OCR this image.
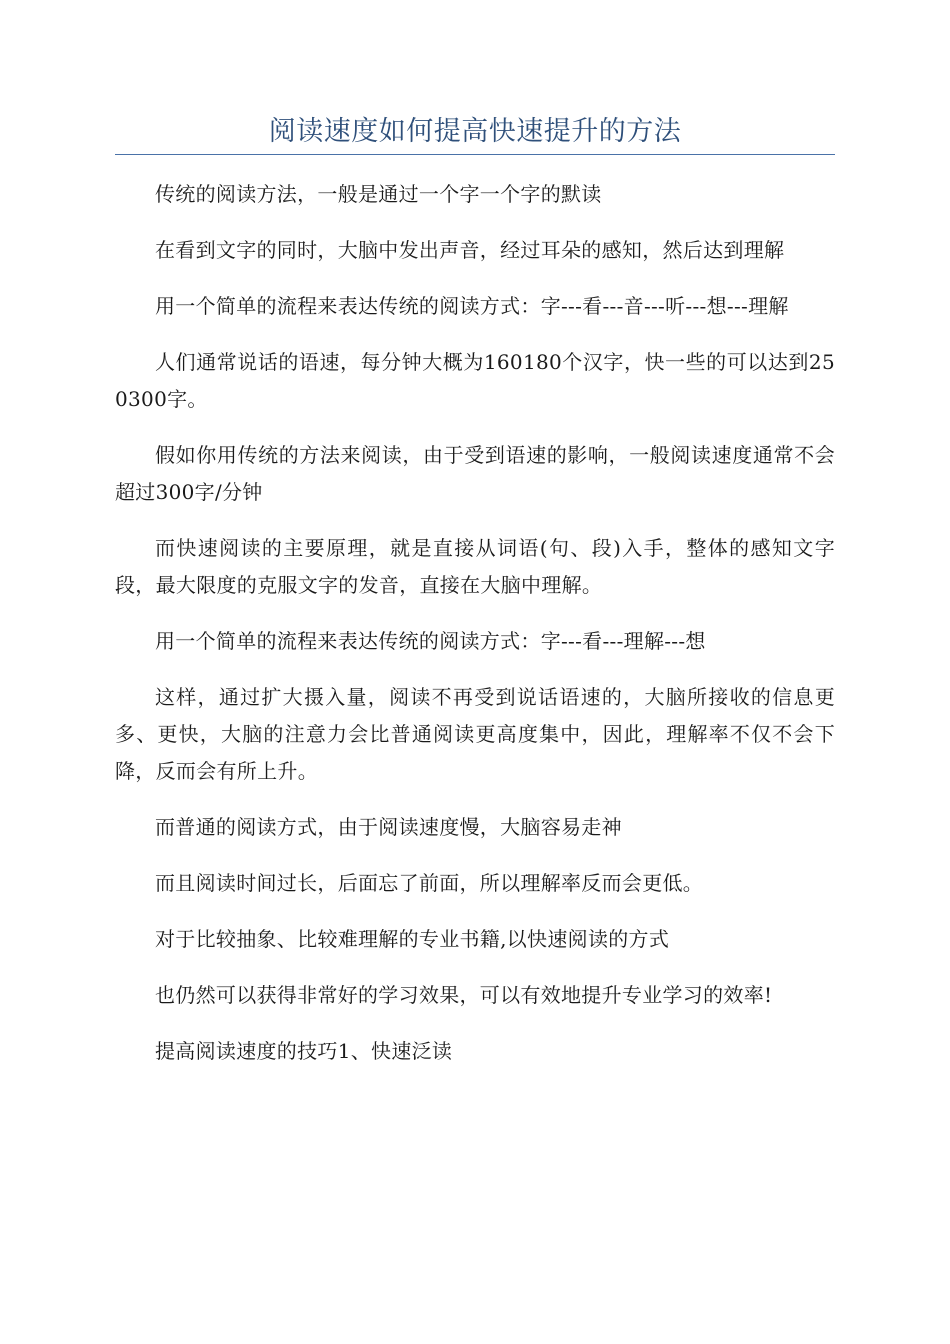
阅读速度如何提高快速提升的方法

传统的阅读方法，一般是通过一个字一个字的默读

在看到文字的同时，大脑中发出声音，经过耳朵的感知，然后达到理解

用一个简单的流程来表达传统的阅读方式：字---看---音---听---想---理解

人们通常说话的语速，每分钟大概为160180个汉字，快一些的可以达到250300字。

假如你用传统的方法来阅读，由于受到语速的影响，一般阅读速度通常不会超过300字/分钟

而快速阅读的主要原理，就是直接从词语(句、段)入手，整体的感知文字段，最大限度的克服文字的发音，直接在大脑中理解。

用一个简单的流程来表达传统的阅读方式：字---看---理解---想

这样，通过扩大摄入量，阅读不再受到说话语速的，大脑所接收的信息更多、更快，大脑的注意力会比普通阅读更高度集中，因此，理解率不仅不会下降，反而会有所上升。

而普通的阅读方式，由于阅读速度慢，大脑容易走神

而且阅读时间过长，后面忘了前面，所以理解率反而会更低。

对于比较抽象、比较难理解的专业书籍,以快速阅读的方式

也仍然可以获得非常好的学习效果，可以有效地提升专业学习的效率!

提高阅读速度的技巧1、快速泛读
